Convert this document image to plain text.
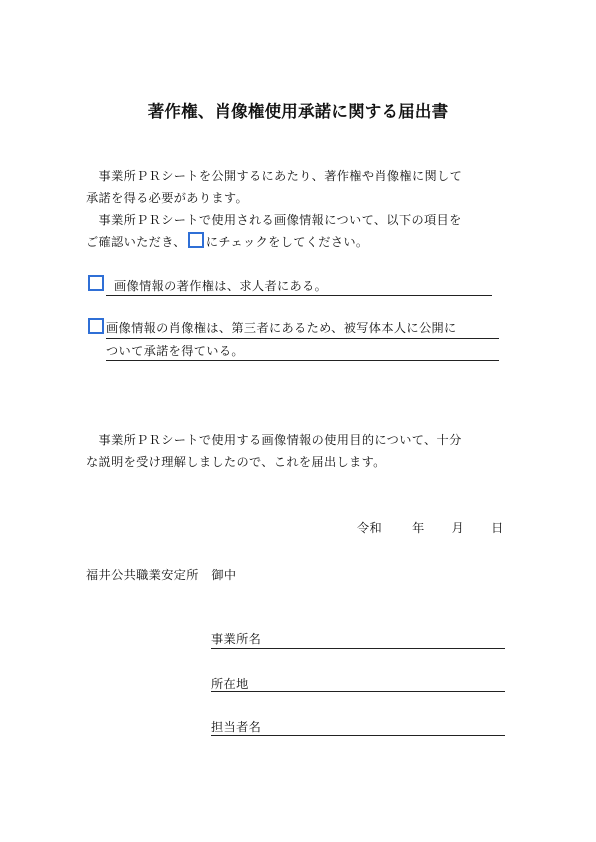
著作権、肖像権使用承諾に関する届出書
　事業所ＰＲシートを公開するにあたり、著作権や肖像権に関して
承諾を得る必要があります。
　事業所ＰＲシートで使用される画像情報について、以下の項目を
ご確認いただき、 にチェックをしてください。
画像情報の著作権は、求人者にある。
画像情報の肖像権は、第三者にあるため、被写体本人に公開に
ついて承諾を得ている。
　事業所ＰＲシートで使用する画像情報の使用目的について、十分
な説明を受け理解しましたので、これを届出します。
令和 年 月 日
福井公共職業安定所　御中
事業所名
所在地
担当者名
